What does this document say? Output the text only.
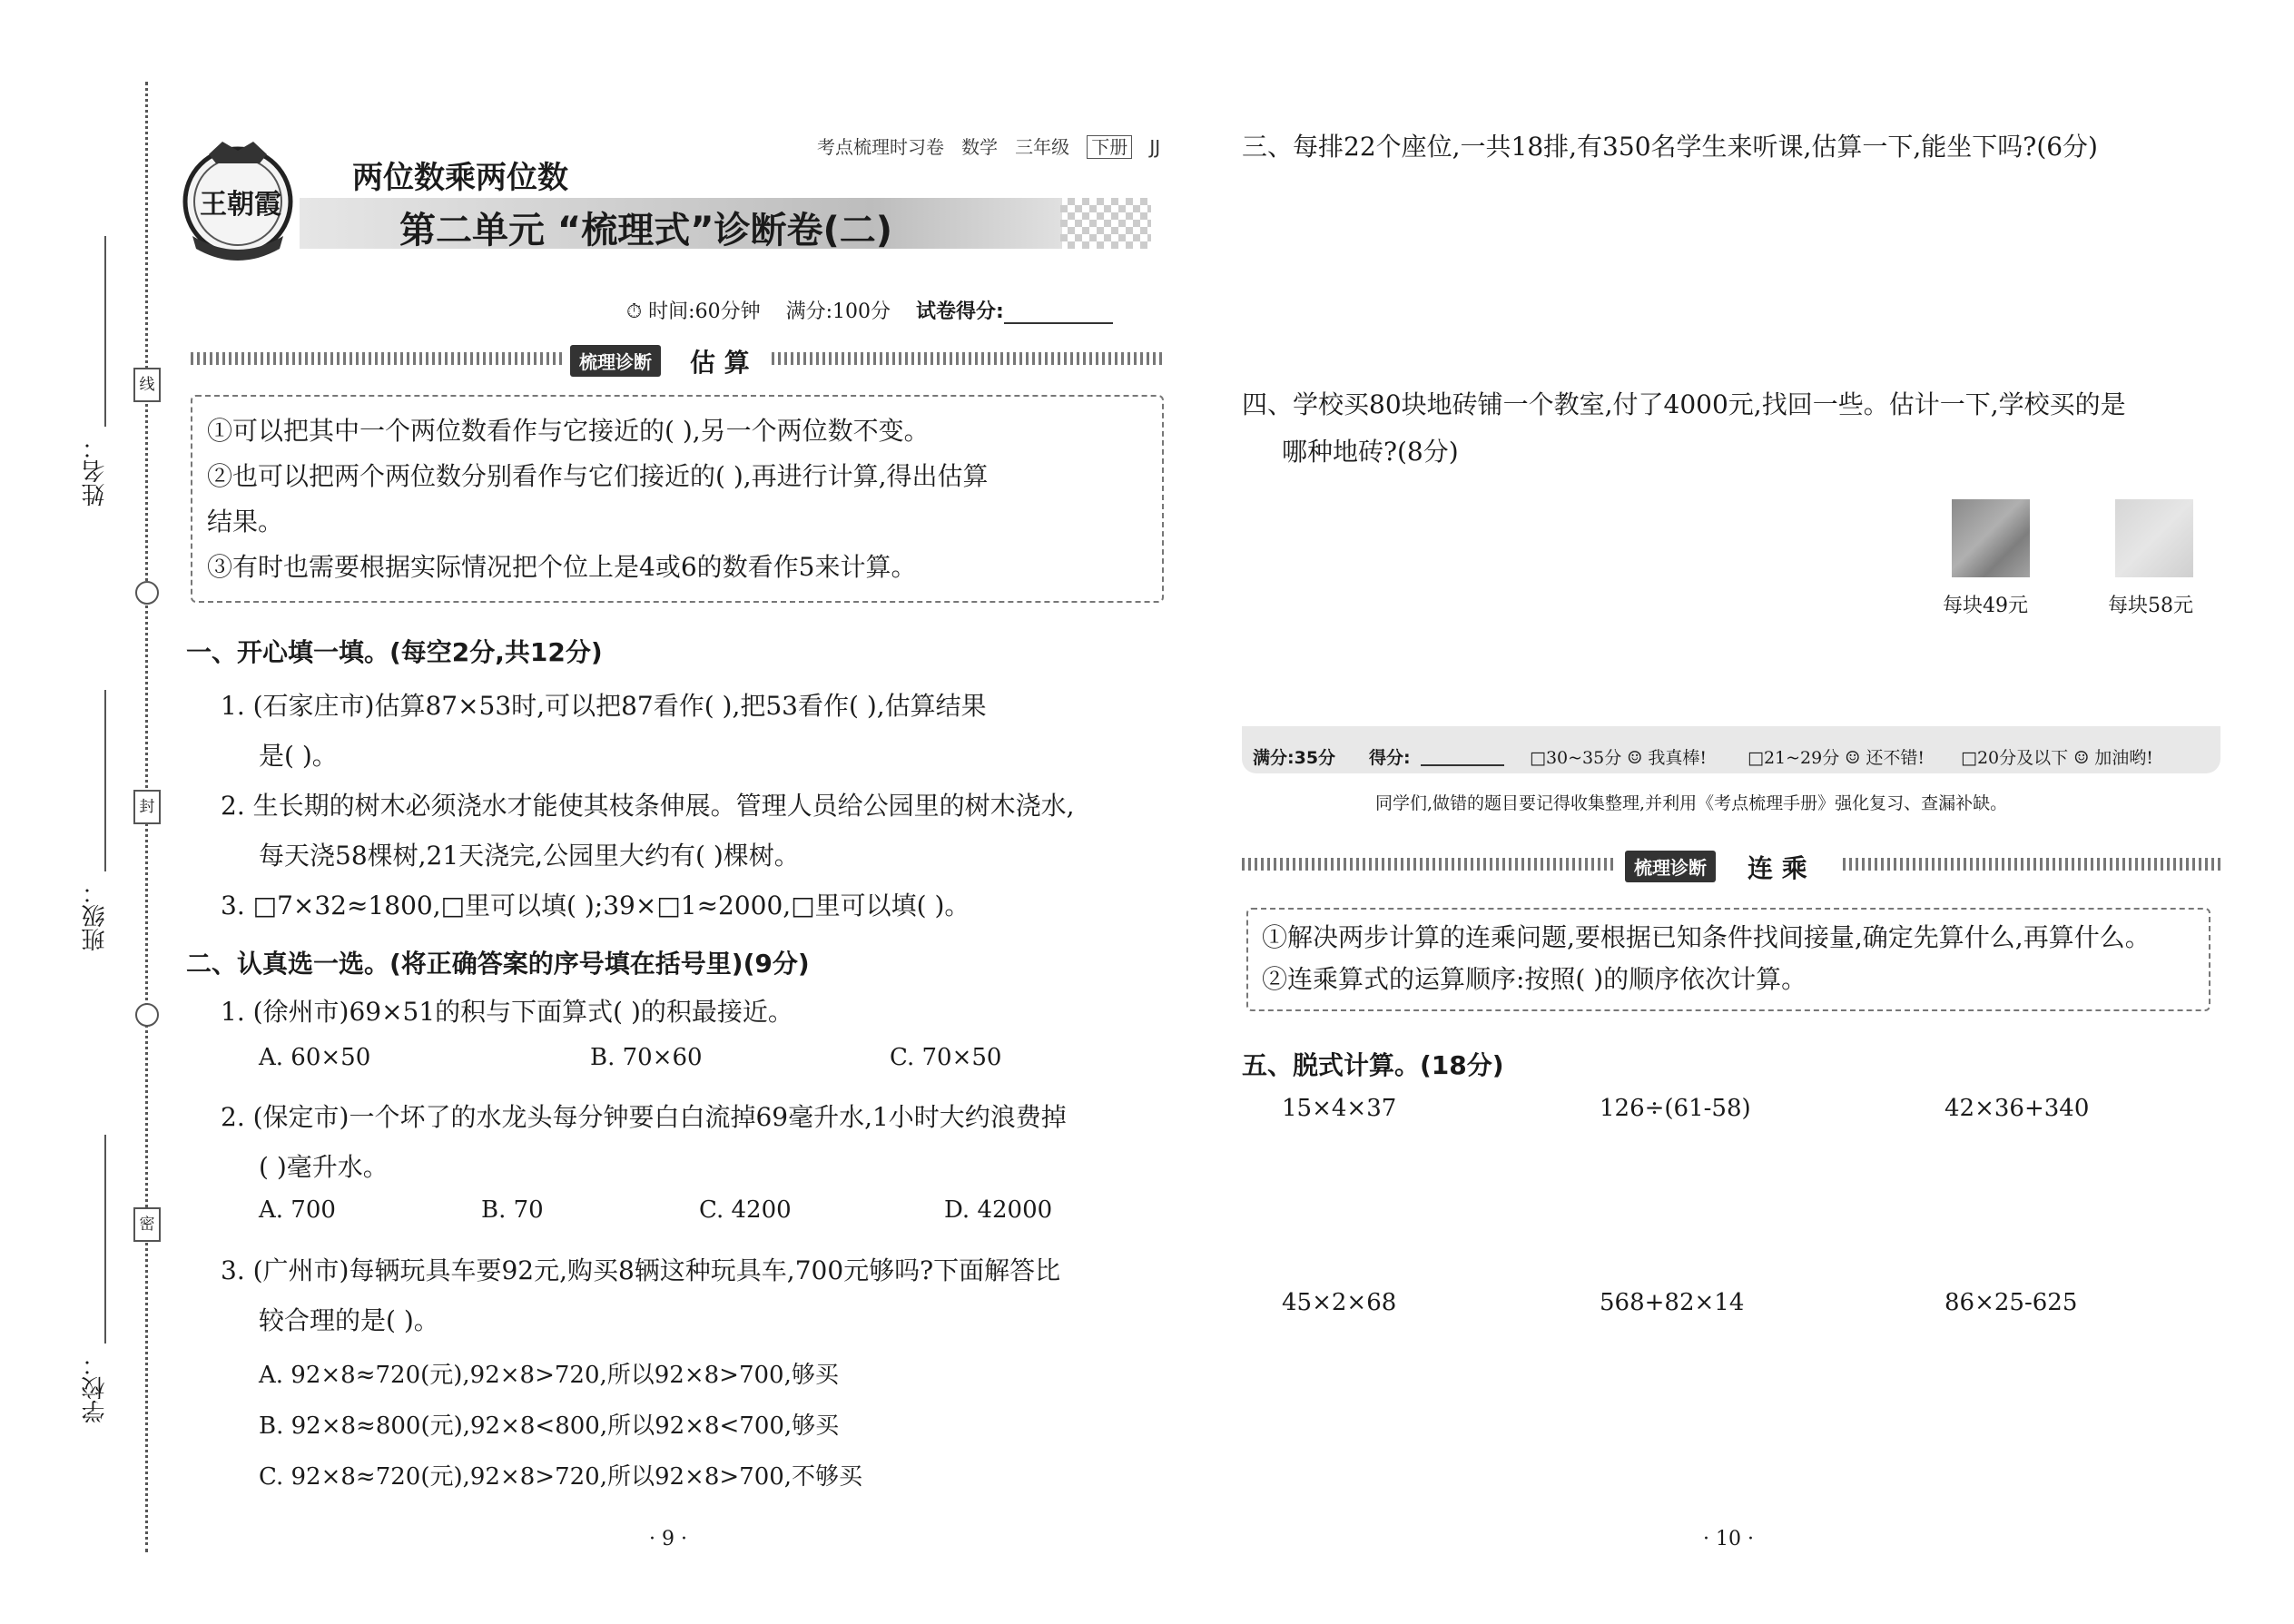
姓名：
班级：
学校：
线
封
密
考点梳理时习卷 数学 三年级 下册 JJ
王朝霞
两位数乘两位数
第二单元 “梳理式”诊断卷(二)
⏱ 时间:60分钟 满分:100分 试卷得分:
梳理诊断	估 算
①可以把其中一个两位数看作与它接近的( ),另一个两位数不变。
②也可以把两个两位数分别看作与它们接近的( ),再进行计算,得出估算
结果。
③有时也需要根据实际情况把个位上是4或6的数看作5来计算。
一、开心填一填。(每空2分,共12分)
1. (石家庄市)估算87×53时,可以把87看作( ),把53看作( ),估算结果
是( )。
2. 生长期的树木必须浇水才能使其枝条伸展。管理人员给公园里的树木浇水,
每天浇58棵树,21天浇完,公园里大约有( )棵树。
3. □7×32≈1800,□里可以填( );39×□1≈2000,□里可以填( )。
二、认真选一选。(将正确答案的序号填在括号里)(9分)
1. (徐州市)69×51的积与下面算式( )的积最接近。
A. 60×50	B. 70×60	C. 70×50
2. (保定市)一个坏了的水龙头每分钟要白白流掉69毫升水,1小时大约浪费掉
( )毫升水。
A. 700	B. 70	C. 4200	D. 42000
3. (广州市)每辆玩具车要92元,购买8辆这种玩具车,700元够吗?下面解答比
较合理的是( )。
A. 92×8≈720(元),92×8>720,所以92×8>700,够买
B. 92×8≈800(元),92×8<800,所以92×8<700,够买
C. 92×8≈720(元),92×8>720,所以92×8>700,不够买
· 9 ·
三、每排22个座位,一共18排,有350名学生来听课,估算一下,能坐下吗?(6分)
四、学校买80块地砖铺一个教室,付了4000元,找回一些。估计一下,学校买的是
哪种地砖?(8分)
每块49元	每块58元
满分:35分 得分:	□30~35分 ☺ 我真棒! □21~29分 ☺ 还不错! □20分及以下 ☺ 加油哟!
同学们,做错的题目要记得收集整理,并利用《考点梳理手册》强化复习、查漏补缺。
梳理诊断	连 乘
①解决两步计算的连乘问题,要根据已知条件找间接量,确定先算什么,再算什么。
②连乘算式的运算顺序:按照( )的顺序依次计算。
五、脱式计算。(18分)
15×4×37	126÷(61-58)	42×36+340
45×2×68	568+82×14	86×25-625
· 10 ·
